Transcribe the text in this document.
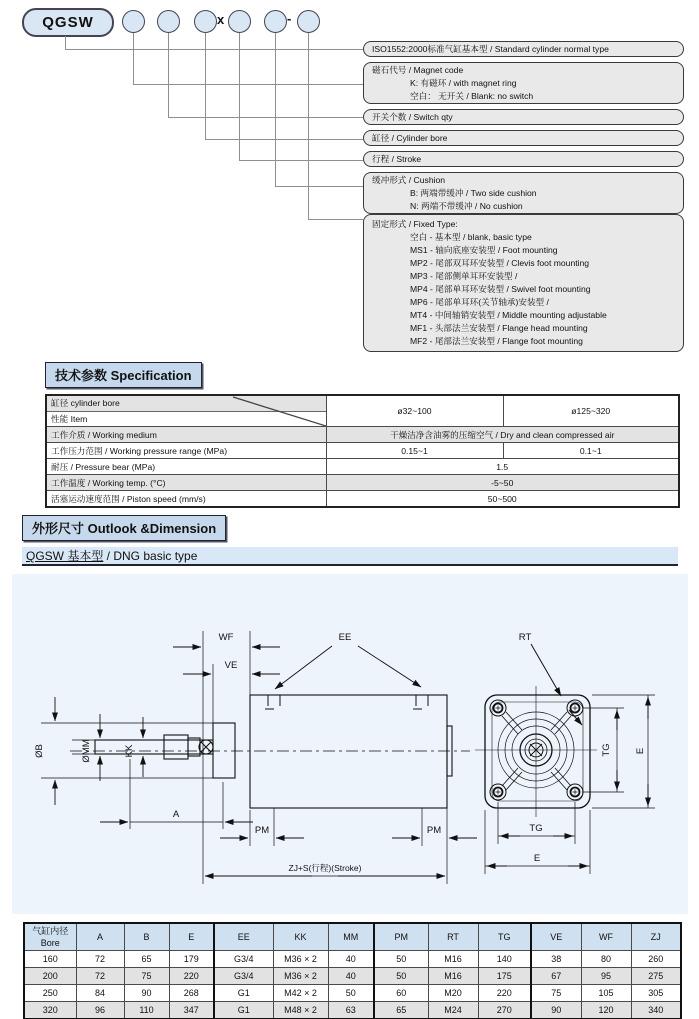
QGSW	x	-
ISO1552:2000标准气缸基本型 / Standard cylinder normal type
磁石代号 / Magnet code
K: 有磁环 / with magnet ring
空白： 无开关 / Blank: no switch
开关个数 / Switch qty
缸径 / Cylinder bore
行程 / Stroke
缓冲形式 / Cushion
B: 两端带缓冲 / Two side cushion
N: 两端不带缓冲 / No cushion
固定形式 / Fixed Type:
空白 - 基本型 / blank, basic type
MS1 - 轴向底座安装型 / Foot mounting
MP2 - 尾部双耳环安装型 / Clevis foot mounting
MP3 - 尾部侧单耳环安装型 /
MP4 - 尾部单耳环安装型 / Swivel foot mounting
MP6 - 尾部单耳环(关节轴承)安装型 /
MT4 - 中间轴销安装型 / Middle mounting adjustable
MF1 - 头部法兰安装型 / Flange head mounting
MF2 - 尾部法兰安装型 / Flange foot mounting
技术参数 Specification
缸径 cylinder bore
性能 Item	ø32~100	ø125~320
工作介质 / Working medium	干燥洁净含油雾的压缩空气 / Dry and clean compressed air	
工作压力范围 / Working pressure range (MPa)	0.15~1	0.1~1
耐压 / Pressure bear (MPa)	1.5	
工作温度 / Working temp. (°C)	-5~50	
活塞运动速度范围 / Piston speed (mm/s)	50~500	
外形尺寸 Outlook &Dimension
QGSW 基本型 / DNG basic type
WF
VE
EE
ØB	ØMM	KK
A
PM	PM
ZJ+S(行程)(Stroke)
RT
TG E
TG
E
气缸内径
Bore	A	B	E	EE	KK	MM	PM	RT	TG	VE	WF	ZJ
160	72	65	179	G3/4	M36 × 2	40	50	M16	140	38	80	260
200	72	75	220	G3/4	M36 × 2	40	50	M16	175	67	95	275
250	84	90	268	G1	M42 × 2	50	60	M20	220	75	105	305
320	96	110	347	G1	M48 × 2	63	65	M24	270	90	120	340
